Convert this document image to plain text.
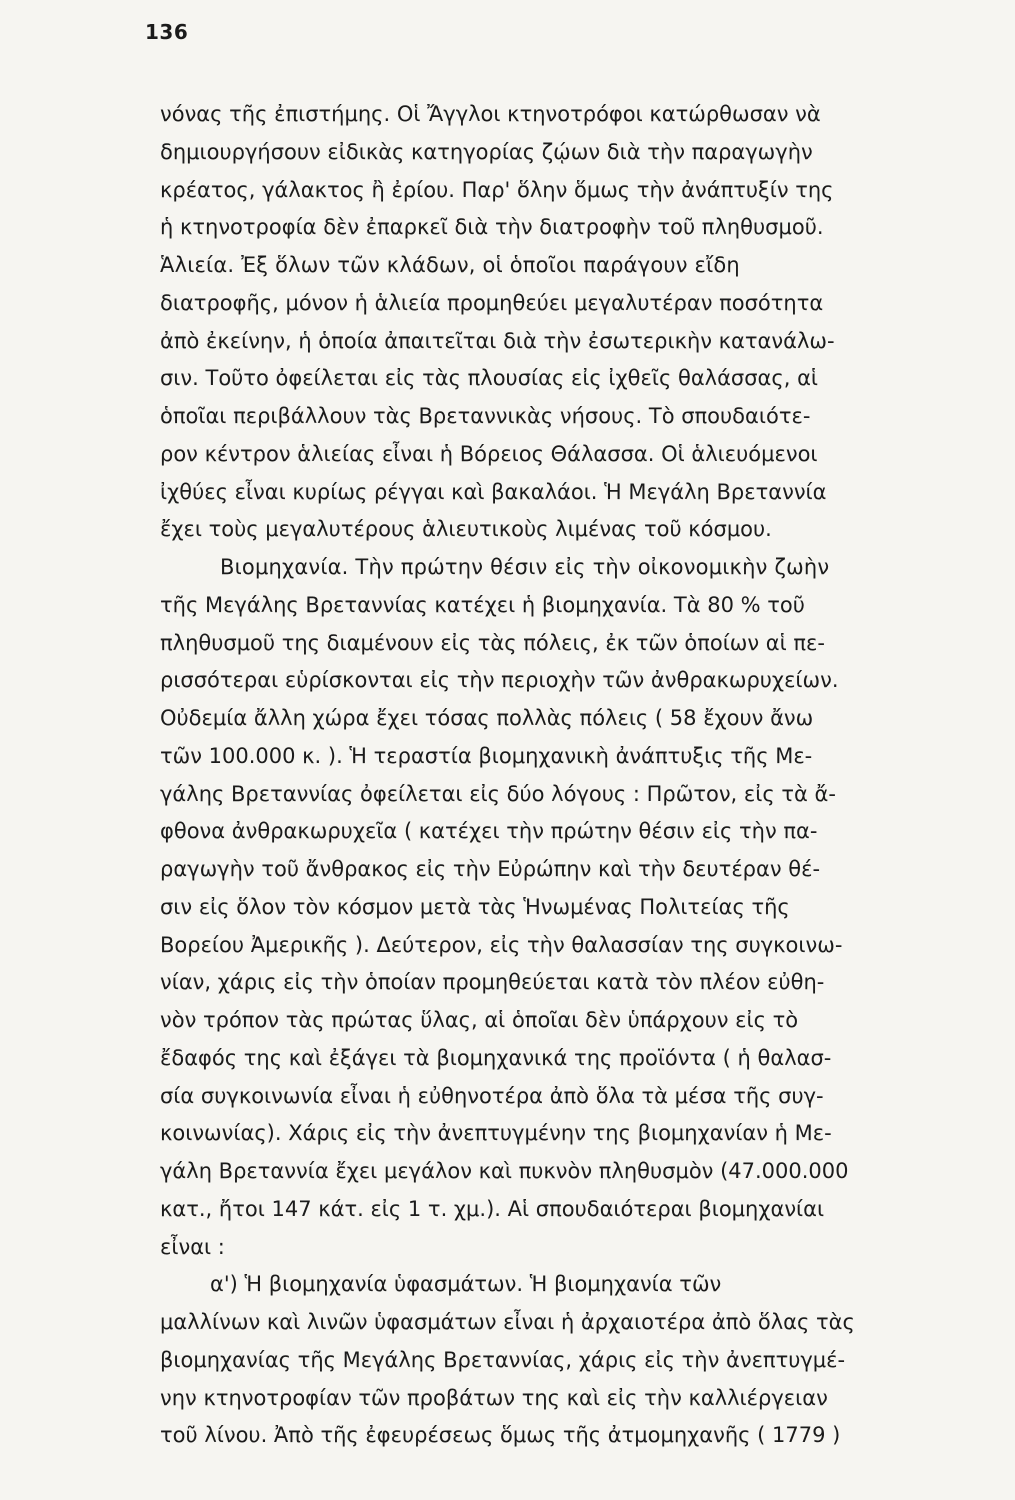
136
νόνας τῆς ἐπιστήμης. Οἱ Ἄγγλοι κτηνοτρόφοι κατώρθωσαν νὰ
δημιουργήσουν εἰδικὰς κατηγορίας ζῴων διὰ τὴν παραγωγὴν
κρέατος, γάλακτος ἢ ἐρίου. Παρ' ὅλην ὅμως τὴν ἀνάπτυξίν της
ἡ κτηνοτροφία δὲν ἐπαρκεῖ διὰ τὴν διατροφὴν τοῦ πληθυσμοῦ.
Ἁλιεία. Ἐξ ὅλων τῶν κλάδων, οἱ ὁποῖοι παράγουν εἴδη
διατροφῆς, μόνον ἡ ἁλιεία προμηθεύει μεγαλυτέραν ποσότητα
ἀπὸ ἐκείνην, ἡ ὁποία ἀπαιτεῖται διὰ τὴν ἐσωτερικὴν κατανάλω-
σιν. Τοῦτο ὀφείλεται εἰς τὰς πλουσίας εἰς ἰχθεῖς θαλάσσας, αἱ
ὁποῖαι περιβάλλουν τὰς Βρεταννικὰς νήσους. Τὸ σπουδαιότε-
ρον κέντρον ἁλιείας εἶναι ἡ Βόρειος Θάλασσα. Οἱ ἁλιευόμενοι
ἰχθύες εἶναι κυρίως ρέγγαι καὶ βακαλάοι. Ἡ Μεγάλη Βρεταννία
ἔχει τοὺς μεγαλυτέρους ἁλιευτικοὺς λιμένας τοῦ κόσμου.
Βιομηχανία. Τὴν πρώτην θέσιν εἰς τὴν οἰκονομικὴν ζωὴν
τῆς Μεγάλης Βρεταννίας κατέχει ἡ βιομηχανία. Τὰ 80 % τοῦ
πληθυσμοῦ της διαμένουν εἰς τὰς πόλεις, ἐκ τῶν ὁποίων αἱ πε-
ρισσότεραι εὑρίσκονται εἰς τὴν περιοχὴν τῶν ἀνθρακωρυχείων.
Οὐδεμία ἄλλη χώρα ἔχει τόσας πολλὰς πόλεις ( 58 ἔχουν ἄνω
τῶν 100.000 κ. ). Ἡ τεραστία βιομηχανικὴ ἀνάπτυξις τῆς Με-
γάλης Βρεταννίας ὀφείλεται εἰς δύο λόγους : Πρῶτον, εἰς τὰ ἄ-
φθονα ἀνθρακωρυχεῖα ( κατέχει τὴν πρώτην θέσιν εἰς τὴν πα-
ραγωγὴν τοῦ ἄνθρακος εἰς τὴν Εὐρώπην καὶ τὴν δευτέραν θέ-
σιν εἰς ὅλον τὸν κόσμον μετὰ τὰς Ἡνωμένας Πολιτείας τῆς
Βορείου Ἀμερικῆς ). Δεύτερον, εἰς τὴν θαλασσίαν της συγκοινω-
νίαν, χάρις εἰς τὴν ὁποίαν προμηθεύεται κατὰ τὸν πλέον εὐθη-
νὸν τρόπον τὰς πρώτας ὕλας, αἱ ὁποῖαι δὲν ὑπάρχουν εἰς τὸ
ἔδαφός της καὶ ἐξάγει τὰ βιομηχανικά της προϊόντα ( ἡ θαλασ-
σία συγκοινωνία εἶναι ἡ εὐθηνοτέρα ἀπὸ ὅλα τὰ μέσα τῆς συγ-
κοινωνίας). Χάρις εἰς τὴν ἀνεπτυγμένην της βιομηχανίαν ἡ Με-
γάλη Βρεταννία ἔχει μεγάλον καὶ πυκνὸν πληθυσμὸν (47.000.000
κατ., ἤτοι 147 κάτ. εἰς 1 τ. χμ.). Αἱ σπουδαιότεραι βιομηχανίαι
εἶναι :
α') Ἡ βιομηχανία ὑφασμάτων. Ἡ βιομηχανία τῶν
μαλλίνων καὶ λινῶν ὑφασμάτων εἶναι ἡ ἀρχαιοτέρα ἀπὸ ὅλας τὰς
βιομηχανίας τῆς Μεγάλης Βρεταννίας, χάρις εἰς τὴν ἀνεπτυγμέ-
νην κτηνοτροφίαν τῶν προβάτων της καὶ εἰς τὴν καλλιέργειαν
τοῦ λίνου. Ἀπὸ τῆς ἐφευρέσεως ὅμως τῆς ἀτμομηχανῆς ( 1779 )
